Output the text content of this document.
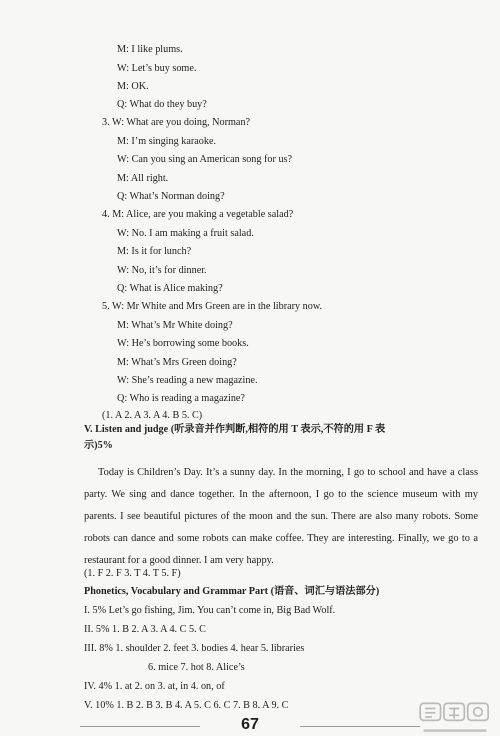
M: I like plums.
W: Let’s buy some.
M: OK.
Q: What do they buy?
3. W: What are you doing, Norman?
M: I’m singing karaoke.
W: Can you sing an American song for us?
M: All right.
Q: What’s Norman doing?
4. M: Alice, are you making a vegetable salad?
W: No. I am making a fruit salad.
M: Is it for lunch?
W: No, it’s for dinner.
Q: What is Alice making?
5. W: Mr White and Mrs Green are in the library now.
M: What’s Mr White doing?
W: He’s borrowing some books.
M: What’s Mrs Green doing?
W: She’s reading a new magazine.
Q: Who is reading a magazine?
(1. A 2. A 3. A 4. B 5. C)
V. Listen and judge (听录音并作判断,相符的用 T 表示,不符的用 F 表
示)5%
Today is Children’s Day. It’s a sunny day. In the morning, I go to school and have a class party. We sing and dance together. In the afternoon, I go to the science museum with my parents. I see beautiful pictures of the moon and the sun. There are also many robots. Some robots can dance and some robots can make coffee. They are interesting. Finally, we go to a restaurant for a good dinner. I am very happy.
(1. F 2. F 3. T 4. T 5. F)
Phonetics, Vocabulary and Grammar Part (语音、词汇与语法部分)
I. 5% Let’s go fishing, Jim. You can’t come in, Big Bad Wolf.
II. 5% 1. B 2. A 3. A 4. C 5. C
III. 8% 1. shoulder 2. feet 3. bodies 4. hear 5. libraries
6. mice 7. hot 8. Alice’s
67
IV. 4% 1. at 2. on 3. at, in 4. on, of
V. 10% 1. B 2. B 3. B 4. A 5. C 6. C 7. B 8. A 9. C
